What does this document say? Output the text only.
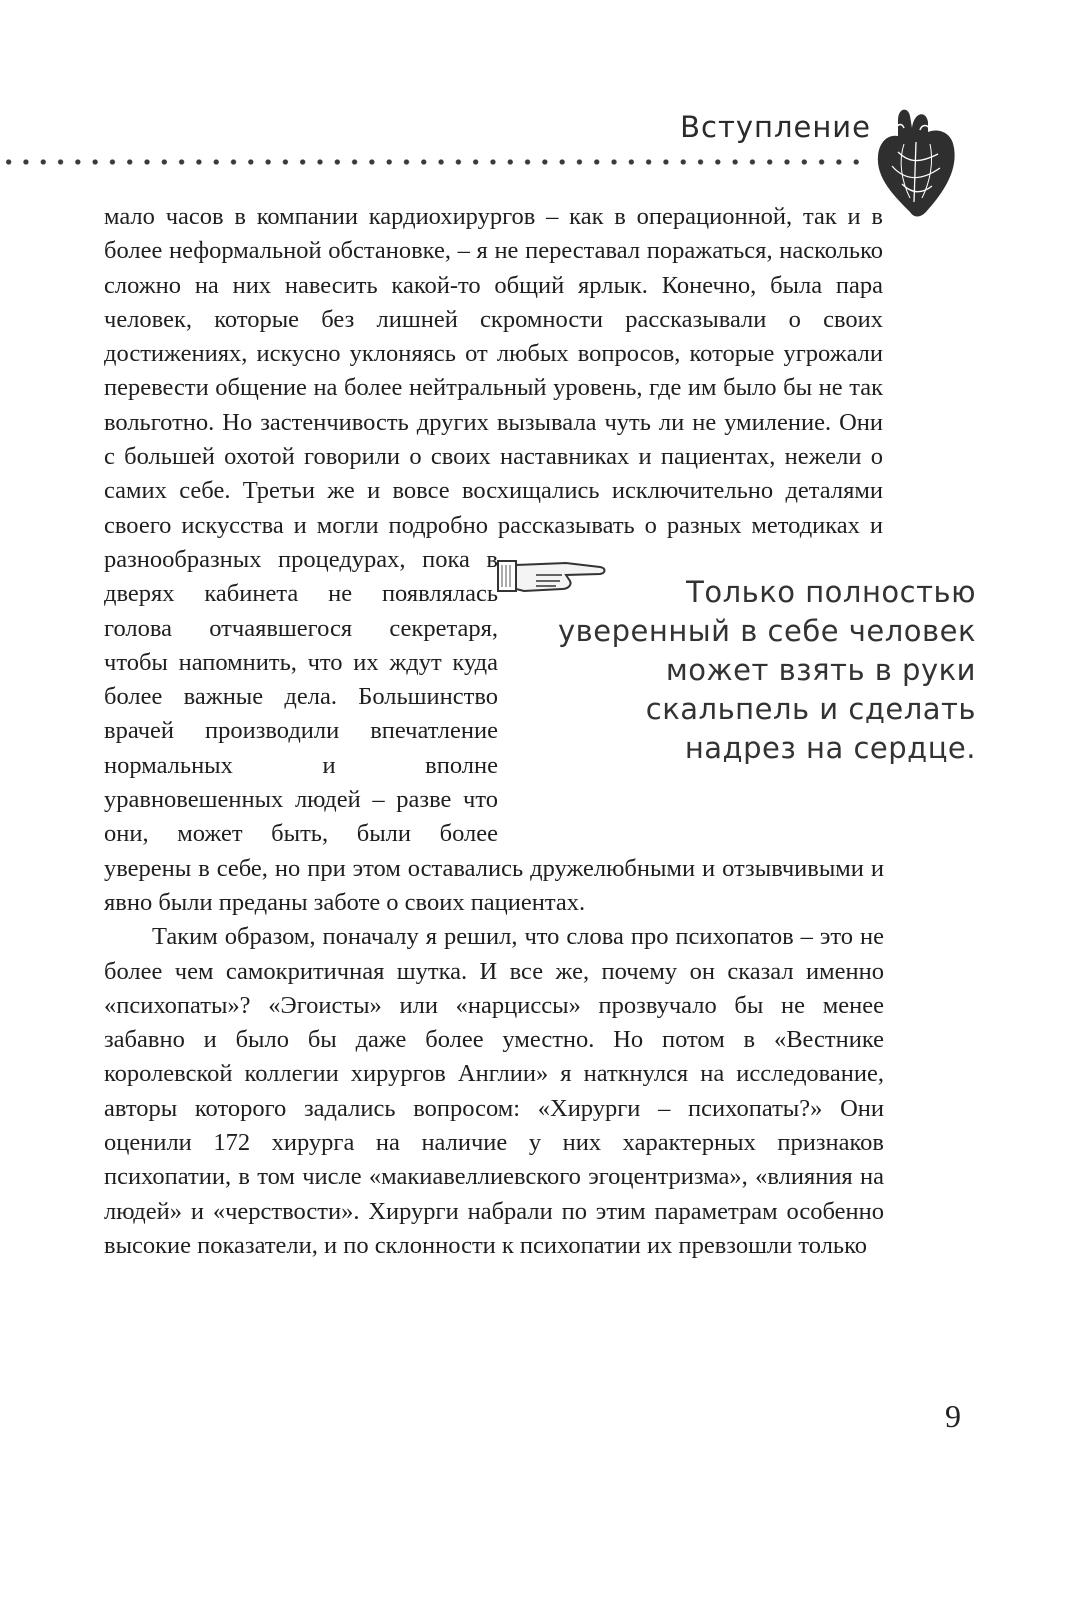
Вступление
Только полностью
уверенный в себе человек
может взять в руки
скальпель и сделать
надрез на сердце.

мало часов в компании кардиохирургов – как в операционной, так и в более неформальной обстановке, – я не переставал поражаться, насколько сложно на них навесить какой-то общий ярлык. Конечно, была пара человек, которые без лишней скромности рассказывали о своих достижениях, искусно уклоняясь от любых вопросов, которые угрожали перевести общение на более нейтральный уровень, где им было бы не так вольготно. Но застенчивость других вызывала чуть ли не умиление. Они с большей охотой говорили о своих наставниках и пациентах, нежели о самих себе. Третьи же и вовсе восхищались исключительно деталями своего искусства и могли подробно рассказывать о разных методиках и разнообразных процедурах, пока в дверях кабинета не появлялась голова отчаявшегося секретаря, чтобы напомнить, что их ждут куда более важные дела. Большинство врачей производили впечатление нормальных и вполне уравновешенных людей – разве что они, может быть, были более уверены в себе, но при этом оставались дружелюбными и отзывчивыми и явно были преданы заботе о своих пациентах.

Таким образом, поначалу я решил, что слова про психопатов – это не более чем самокритичная шутка. И все же, почему он сказал именно «психопаты»? «Эгоисты» или «нарциссы» прозвучало бы не менее забавно и было бы даже более уместно. Но потом в «Вестнике королевской коллегии хирургов Англии» я наткнулся на исследование, авторы которого задались вопросом: «Хирурги – психопаты?» Они оценили 172 хирурга на наличие у них характерных признаков психопатии, в том числе «макиавеллиевского эгоцентризма», «влияния на людей» и «черствости». Хирурги набрали по этим параметрам особенно высокие показатели, и по склонности к психопатии их превзошли только

9
